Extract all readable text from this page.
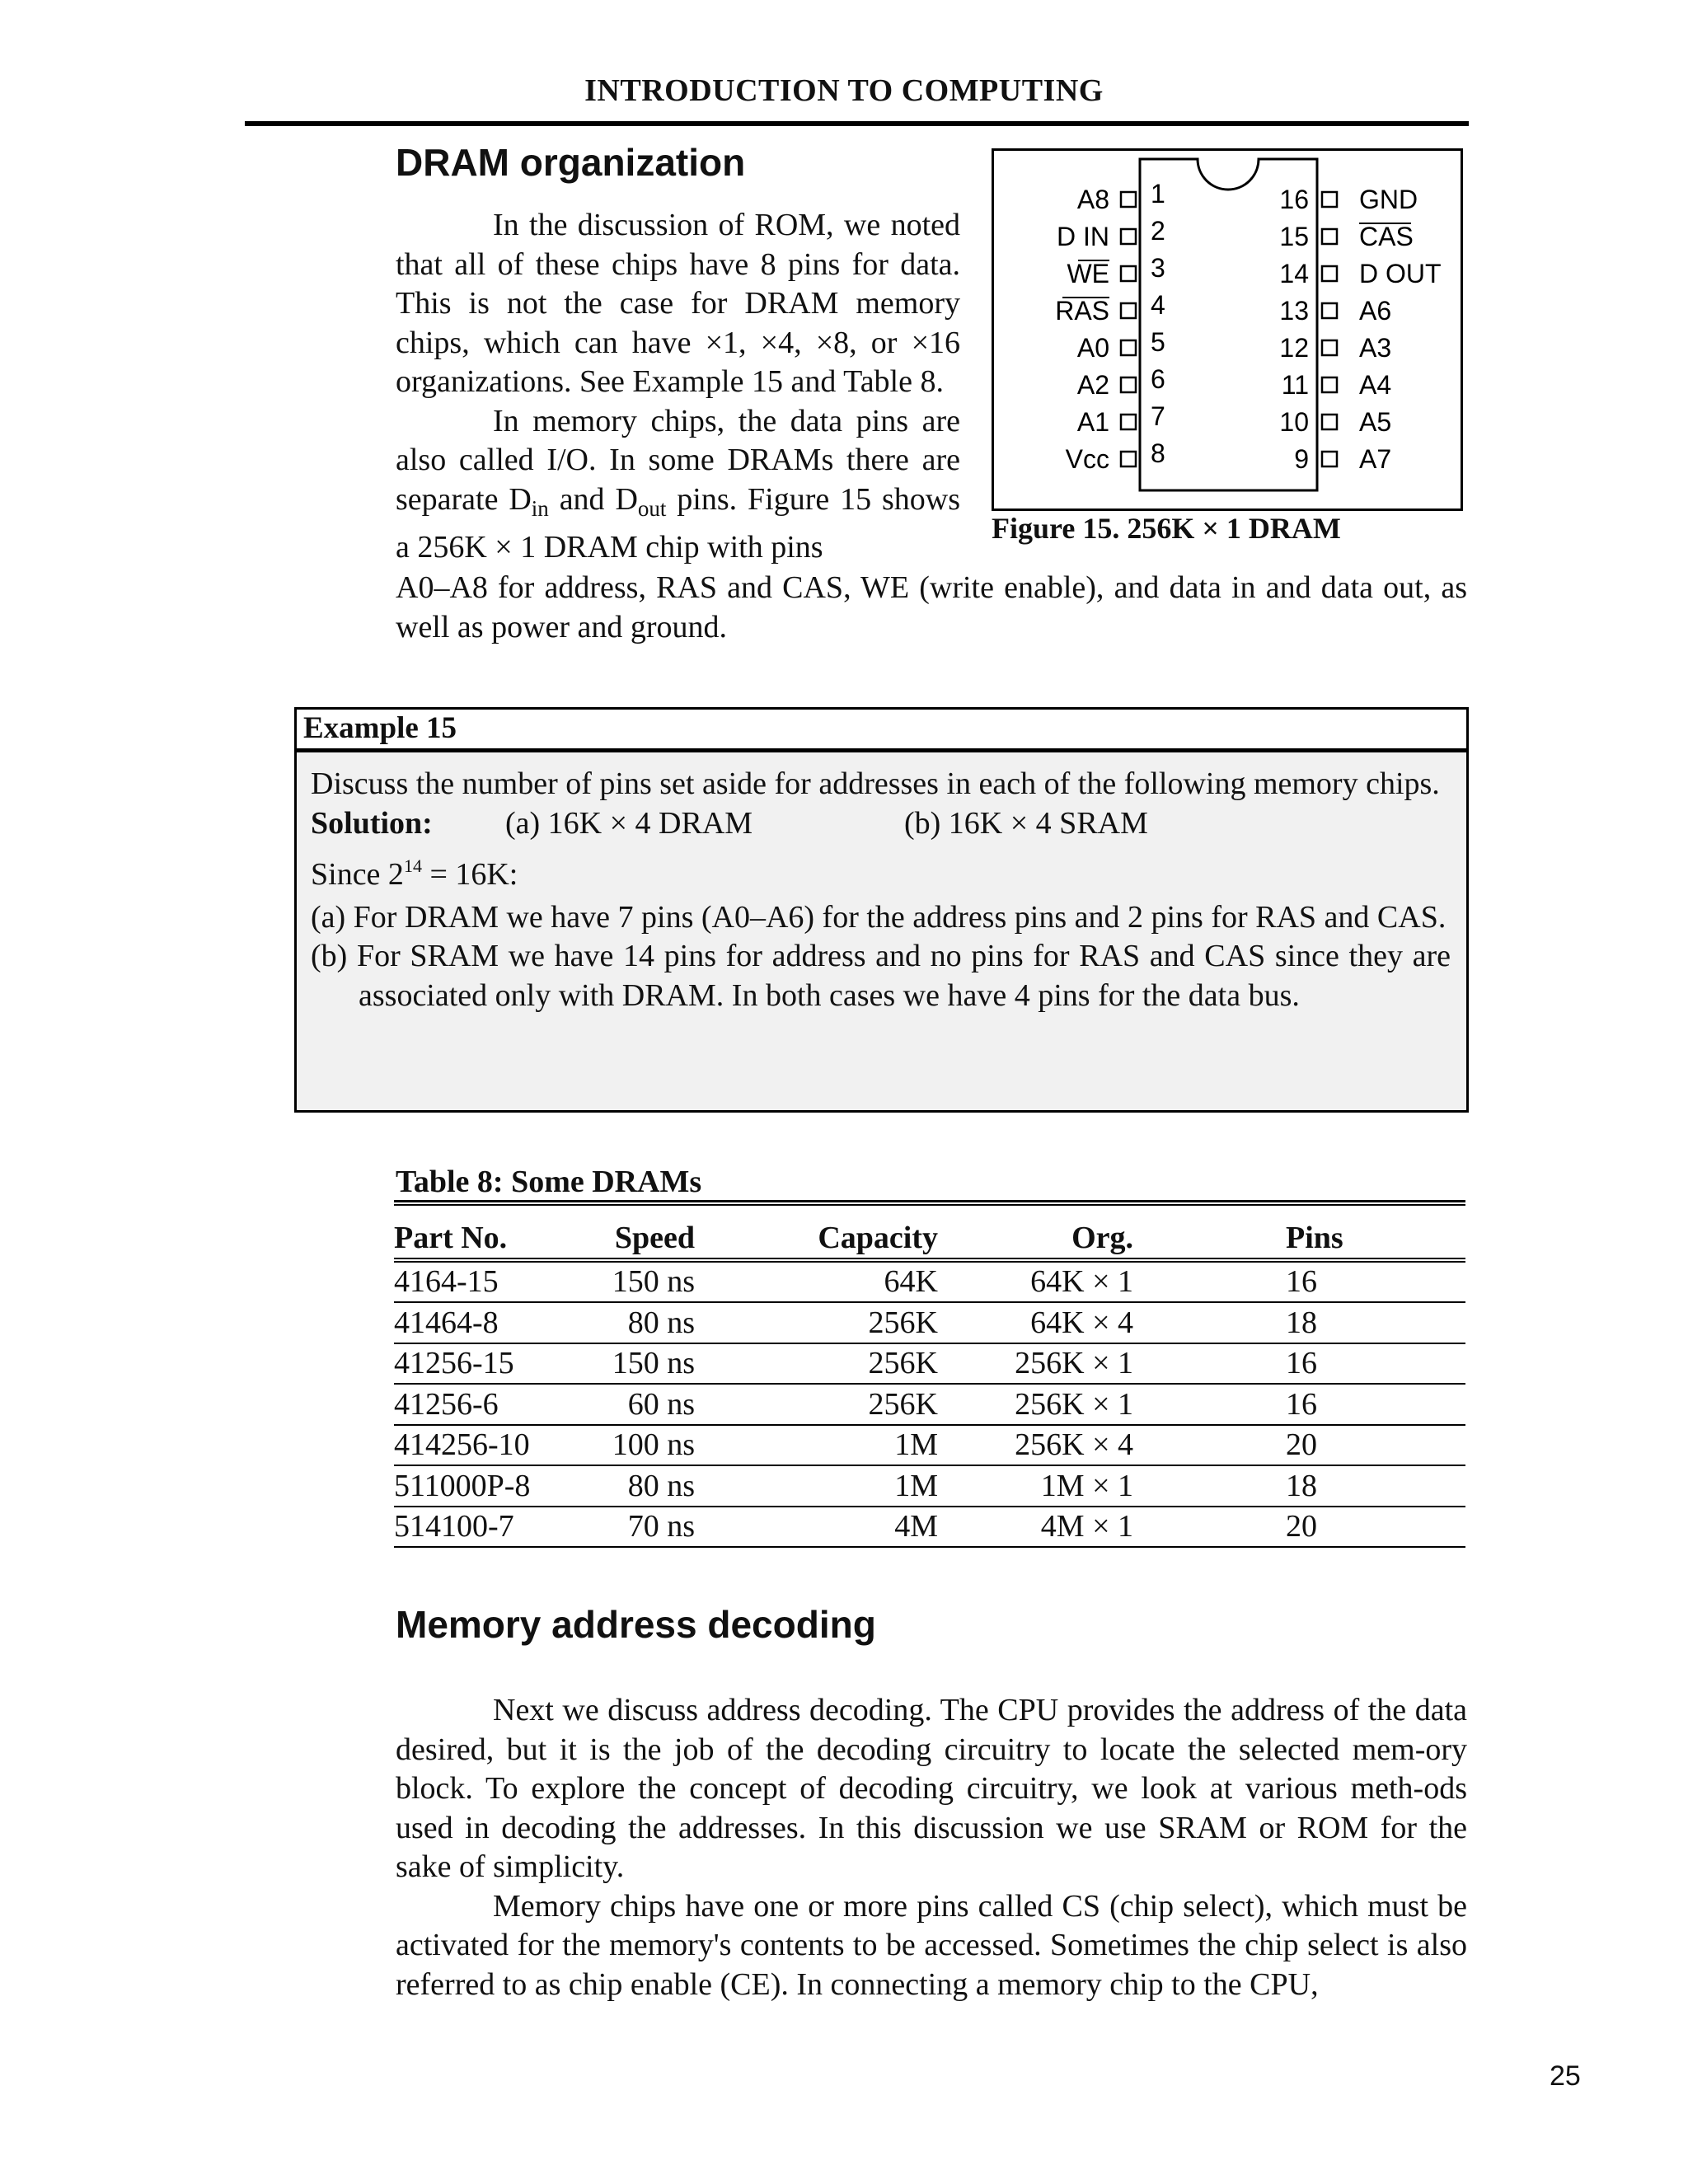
INTRODUCTION TO COMPUTING
DRAM organization

In the discussion of ROM, we noted that all of these chips have 8 pins for data. This is not the case for DRAM memory chips, which can have ×1, ×4, ×8, or ×16 organizations. See Example 15 and Table 8.

In memory chips, the data pins are also called I/O. In some DRAMs there are separate $D_{in}$ and $D_{out}$ pins. Figure 15 shows a 256K × 1 DRAM chip with pins

A0–A8 for address, RAS and CAS, WE (write enable), and data in and data out, as well as power and ground.

A8 1
D IN 2
WE 3
RAS 4
A0 5
A2 6
A1 7
Vcc 8
16 GND
15 CAS
14 D OUT
13 A6
12 A3
11 A4
10 A5
9 A7
Figure 15. 256K × 1 DRAM
Example 15

Discuss the number of pins set aside for addresses in each of the following memory chips.

(a) 16K × 4 DRAM	(b) 16K × 4 SRAM

Solution:

Since $2^{14} = 16K$:

(a) For DRAM we have 7 pins (A0–A6) for the address pins and 2 pins for RAS and CAS.

(b) For SRAM we have 14 pins for address and no pins for RAS and CAS since they are associated only with DRAM. In both cases we have 4 pins for the data bus.

Table 8: Some DRAMs
Part No.	Speed	Capacity	Org.		Pins
4164-15	150 ns	64K	64K × 1		16
41464-8	80 ns	256K	64K × 4		18
41256-15	150 ns	256K	256K × 1		16
41256-6	60 ns	256K	256K × 1		16
414256-10	100 ns	1M	256K × 4		20
511000P-8	80 ns	1M	1M × 1		18
514100-7	70 ns	4M	4M × 1		20
Memory address decoding

Next we discuss address decoding. The CPU provides the address of the data desired, but it is the job of the decoding circuitry to locate the selected mem-ory block. To explore the concept of decoding circuitry, we look at various meth-ods used in decoding the addresses. In this discussion we use SRAM or ROM for the sake of simplicity.

Memory chips have one or more pins called CS (chip select), which must be activated for the memory's contents to be accessed. Sometimes the chip select is also referred to as chip enable (CE). In connecting a memory chip to the CPU,

25
